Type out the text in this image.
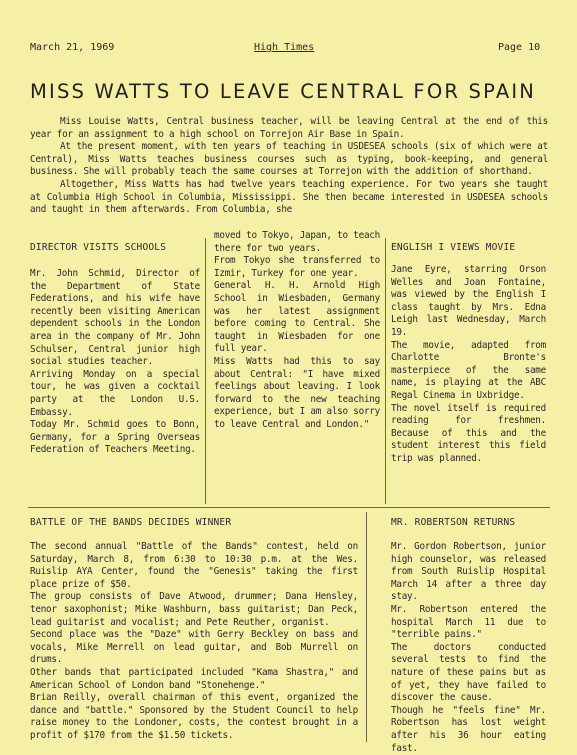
March 21, 1969	High Times	Page 10
MISS WATTS TO LEAVE CENTRAL FOR SPAIN

Miss Louise Watts, Central business teacher, will be leaving Central at the end of this year for an assignment to a high school on Torrejon Air Base in Spain.

At the present moment, with ten years of teaching in USDESEA schools (six of which were at Central), Miss Watts teaches business courses such as typing, book-keeping, and general business. She will probably teach the same courses at Torrejon with the addition of shorthand.

Altogether, Miss Watts has had twelve years teaching experience. For two years she taught at Columbia High School in Columbia, Mississippi. She then became interested in USDESEA schools and taught in them afterwards. From Columbia, she

DIRECTOR VISITS SCHOOLS
Mr. John Schmid, Director of the Department of State Federations, and his wife have recently been visiting American dependent schools in the London area in the company of Mr. John Schulser, Central junior high social studies teacher.
Arriving Monday on a special tour, he was given a cocktail party at the London U.S. Embassy.
Today Mr. Schmid goes to Bonn, Germany, for a Spring Overseas Federation of Teachers Meeting.
moved to Tokyo, Japan, to teach there for two years.
From Tokyo she transferred to Izmir, Turkey for one year.
General H. H. Arnold High School in Wiesbaden, Germany was her latest assignment before coming to Central. She taught in Wiesbaden for one full year.
Miss Watts had this to say about Central: "I have mixed feelings about leaving. I look forward to the new teaching experience, but I am also sorry to leave Central and London."
ENGLISH I VIEWS MOVIE
Jane Eyre, starring Orson Welles and Joan Fontaine, was viewed by the English I class taught by Mrs. Edna Leigh last Wednesday, March 19.
The movie, adapted from Charlotte Bronte's masterpiece of the same name, is playing at the ABC Regal Cinema in Uxbridge.
The novel itself is required reading for freshmen. Because of this and the student interest this field trip was planned.
BATTLE OF THE BANDS DECIDES WINNER
The second annual "Battle of the Bands" contest, held on Saturday, March 8, from 6:30 to 10:30 p.m. at the Wes. Ruislip AYA Center, found the "Genesis" taking the first place prize of $50.
The group consists of Dave Atwood, drummer; Dana Hensley, tenor saxophonist; Mike Washburn, bass guitarist; Dan Peck, lead guitarist and vocalist; and Pete Reuther, organist.
Second place was the "Daze" with Gerry Beckley on bass and vocals, Mike Merrell on lead guitar, and Bob Murrell on drums.
Other bands that participated included "Kama Shastra," and American School of London band "Stonehenge."
Brian Reilly, overall chairman of this event, organized the dance and "battle." Sponsored by the Student Council to help raise money to the Londoner, costs, the contest brought in a profit of $170 from the $1.50 tickets.
MR. ROBERTSON RETURNS
Mr. Gordon Robertson, junior high counselor, was released from South Ruislip Hospital March 14 after a three day stay.
Mr. Robertson entered the hospital March 11 due to "terrible pains."
The doctors conducted several tests to find the nature of these pains but as of yet, they have failed to discover the cause.
Though he "feels fine" Mr. Robertson has lost weight after his 36 hour eating fast.
